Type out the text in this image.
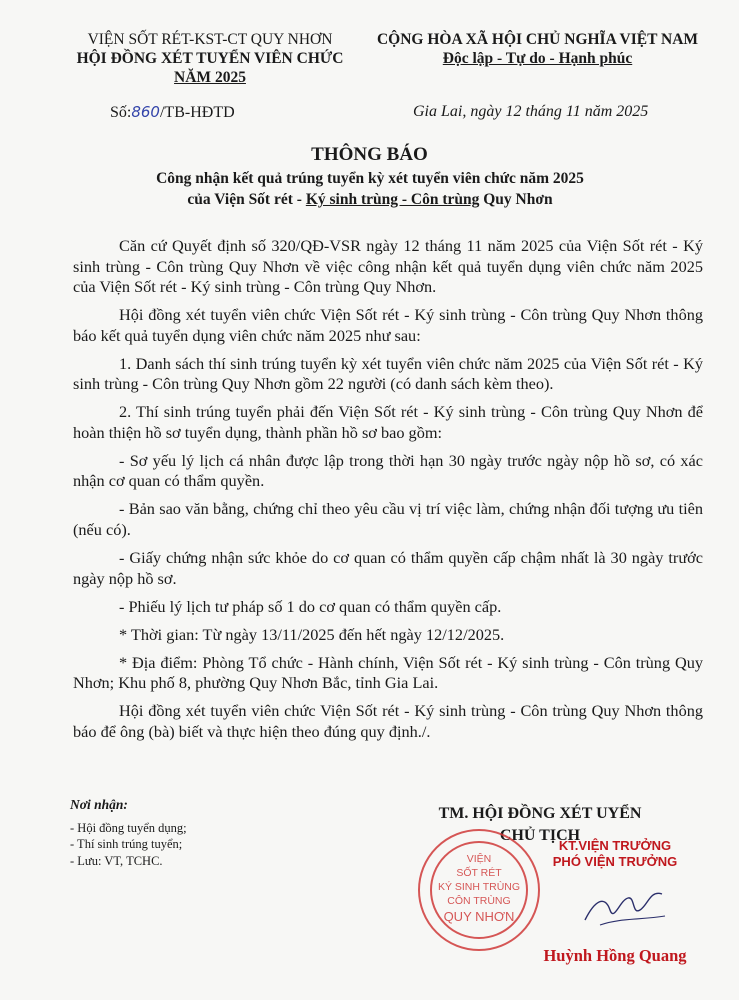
VIỆN SỐT RÉT-KST-CT QUY NHƠN
HỘI ĐỒNG XÉT TUYỂN VIÊN CHỨC
NĂM 2025
CỘNG HÒA XÃ HỘI CHỦ NGHĨA VIỆT NAM
Độc lập - Tự do - Hạnh phúc
Số:860/TB-HĐTD	Gia Lai, ngày 12 tháng 11 năm 2025
THÔNG BÁO
Công nhận kết quả trúng tuyển kỳ xét tuyển viên chức năm 2025
của Viện Sốt rét - Ký sinh trùng - Côn trùng Quy Nhơn

Căn cứ Quyết định số 320/QĐ-VSR ngày 12 tháng 11 năm 2025 của Viện Sốt rét - Ký sinh trùng - Côn trùng Quy Nhơn về việc công nhận kết quả tuyển dụng viên chức năm 2025 của Viện Sốt rét - Ký sinh trùng - Côn trùng Quy Nhơn.

Hội đồng xét tuyển viên chức Viện Sốt rét - Ký sinh trùng - Côn trùng Quy Nhơn thông báo kết quả tuyển dụng viên chức năm 2025 như sau:

1. Danh sách thí sinh trúng tuyển kỳ xét tuyển viên chức năm 2025 của Viện Sốt rét - Ký sinh trùng - Côn trùng Quy Nhơn gồm 22 người (có danh sách kèm theo).

2. Thí sinh trúng tuyển phải đến Viện Sốt rét - Ký sinh trùng - Côn trùng Quy Nhơn để hoàn thiện hồ sơ tuyển dụng, thành phần hồ sơ bao gồm:

- Sơ yếu lý lịch cá nhân được lập trong thời hạn 30 ngày trước ngày nộp hồ sơ, có xác nhận cơ quan có thẩm quyền.

- Bản sao văn bằng, chứng chỉ theo yêu cầu vị trí việc làm, chứng nhận đối tượng ưu tiên (nếu có).

- Giấy chứng nhận sức khỏe do cơ quan có thẩm quyền cấp chậm nhất là 30 ngày trước ngày nộp hồ sơ.

- Phiếu lý lịch tư pháp số 1 do cơ quan có thẩm quyền cấp.

* Thời gian: Từ ngày 13/11/2025 đến hết ngày 12/12/2025.

* Địa điểm: Phòng Tổ chức - Hành chính, Viện Sốt rét - Ký sinh trùng - Côn trùng Quy Nhơn; Khu phố 8, phường Quy Nhơn Bắc, tỉnh Gia Lai.

Hội đồng xét tuyển viên chức Viện Sốt rét - Ký sinh trùng - Côn trùng Quy Nhơn thông báo để ông (bà) biết và thực hiện theo đúng quy định./.

Nơi nhận:
- Hội đồng tuyển dụng;
- Thí sinh trúng tuyển;
- Lưu: VT, TCHC.
TM. HỘI ĐỒNG XÉT UYỂN
CHỦ TỊCH
VIỆN
SỐT RÉT
KÝ SINH TRÙNG
CÔN TRÙNG
QUY NHƠN
KT.VIỆN TRƯỞNG
PHÓ VIỆN TRƯỞNG
Huỳnh Hồng Quang
